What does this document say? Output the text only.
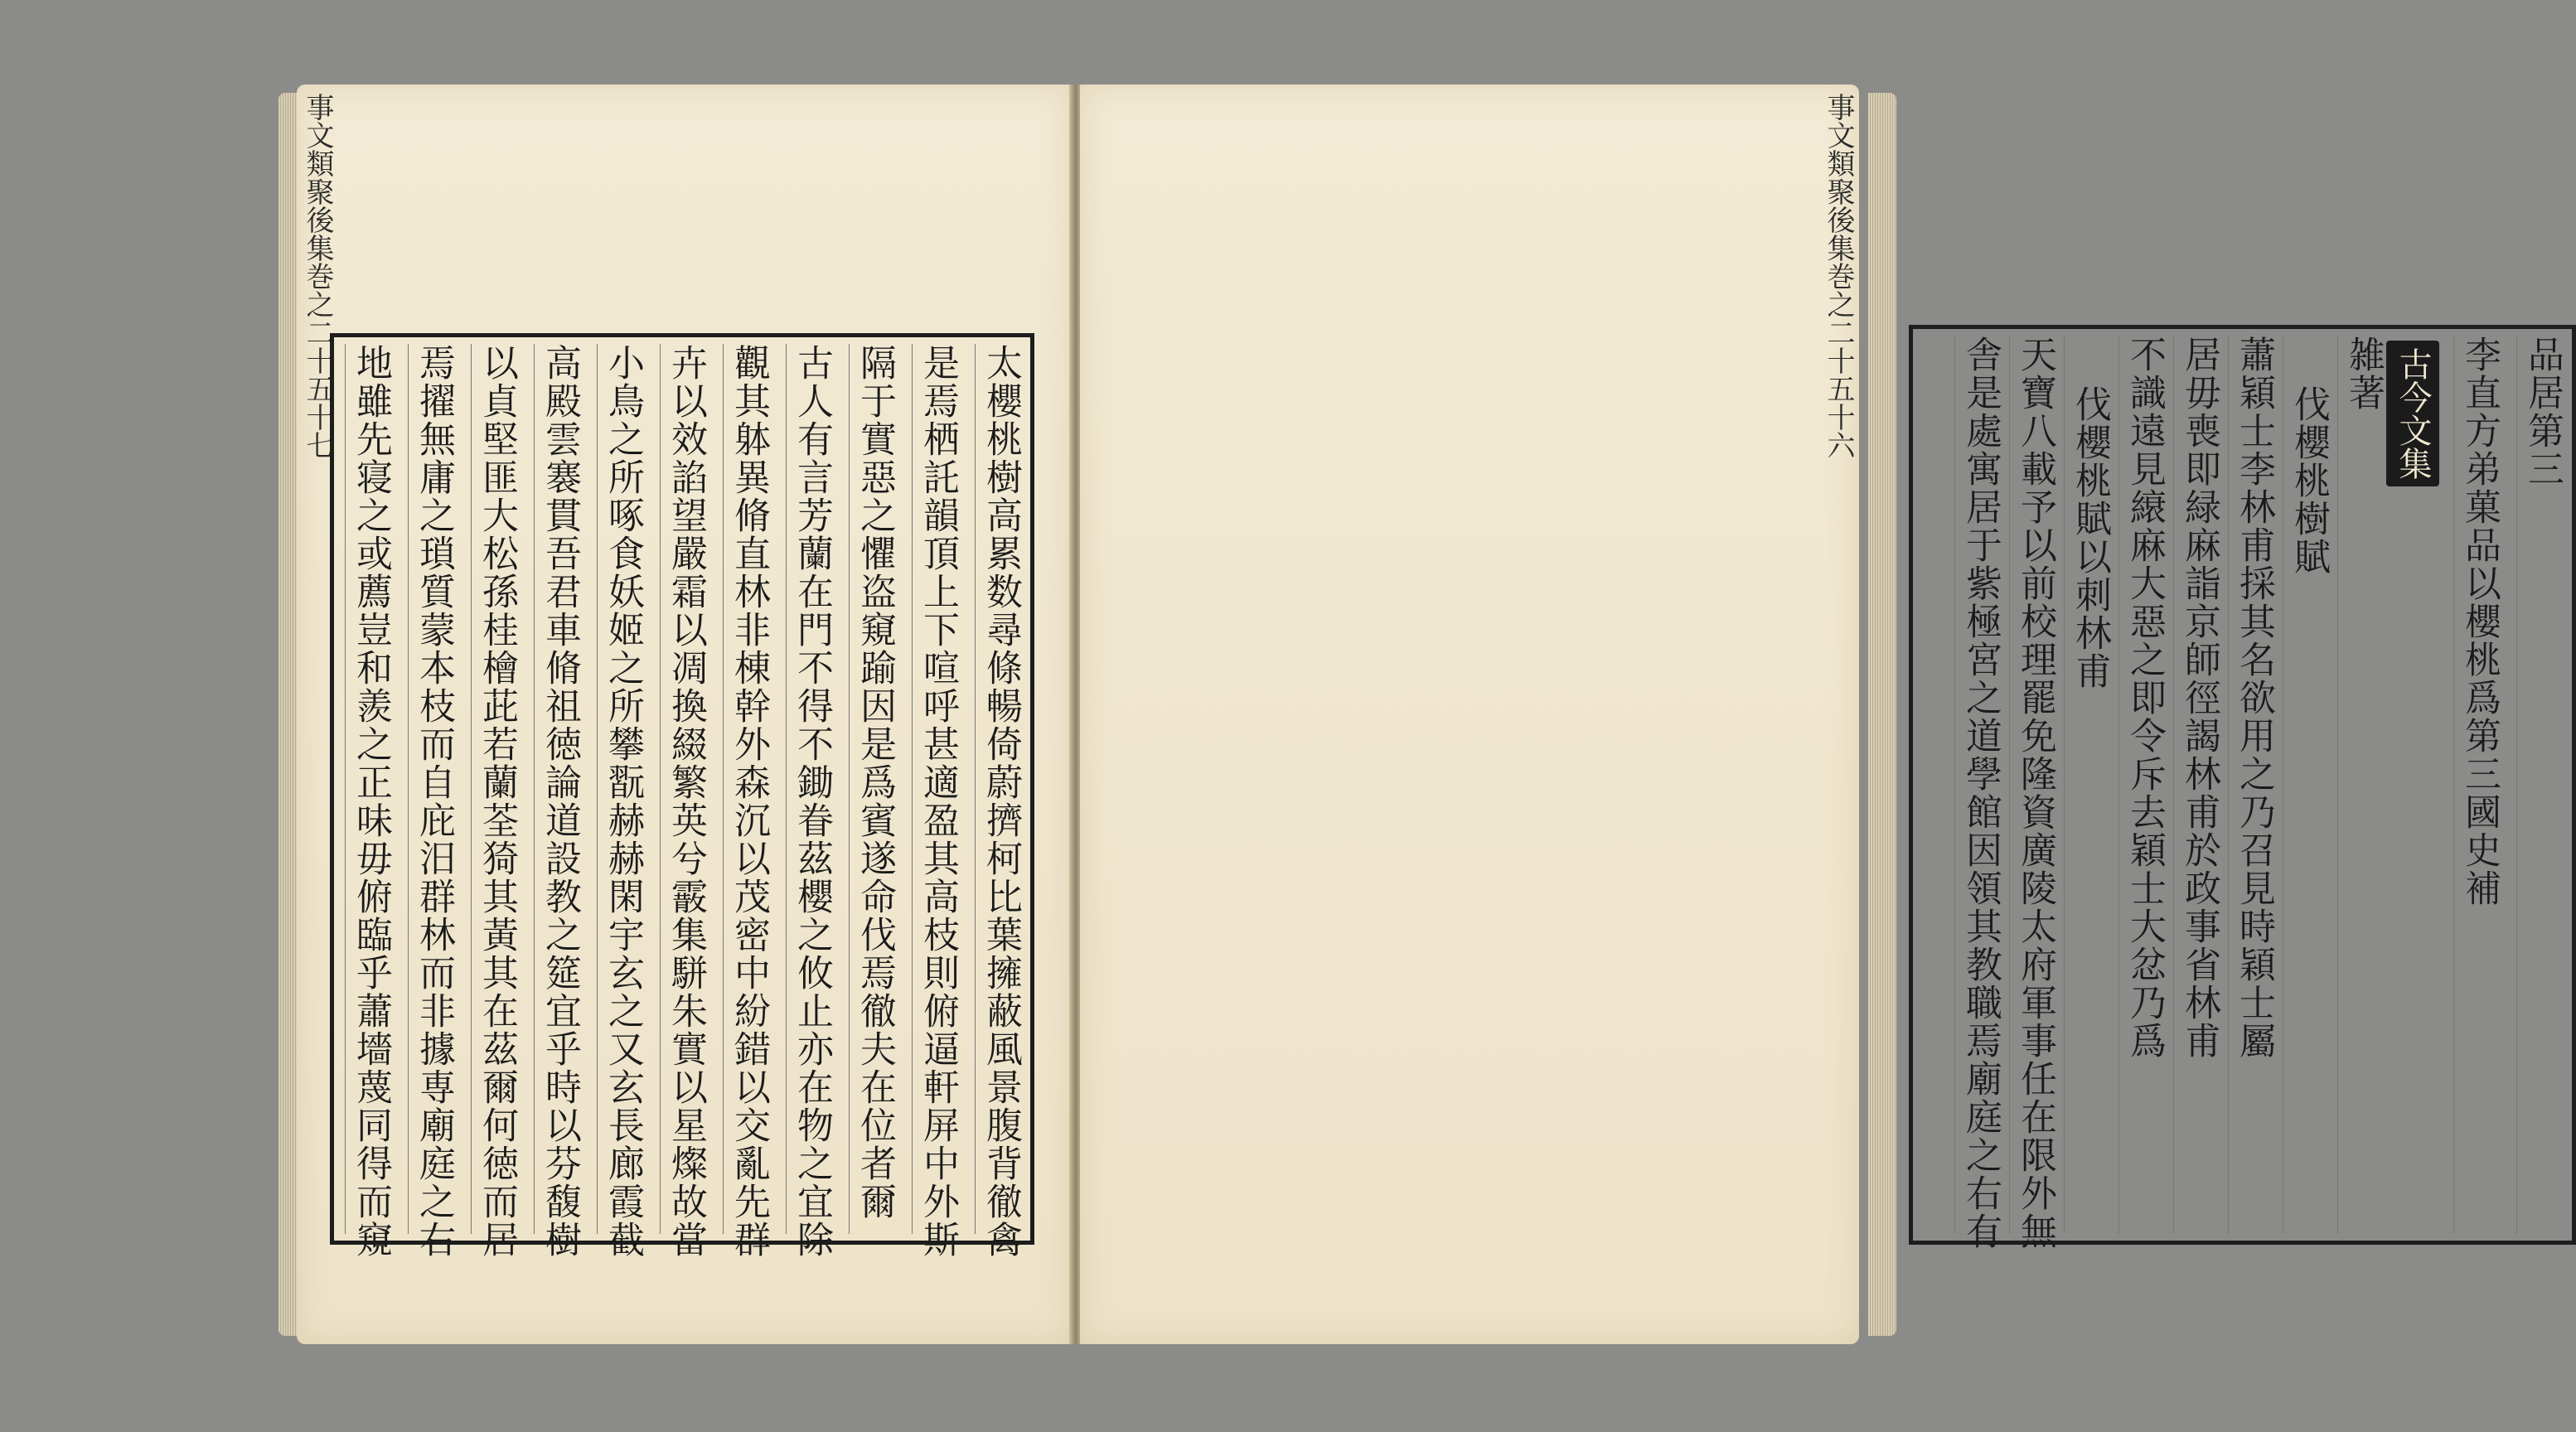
事文類聚後集巻之二十五十七	太櫻桃樹高累数尋條暢倚蔚擠柯比葉擁蔽風景腹背徹禽
是焉栖託韻頂上下喧呼甚適盈其高枝則俯逼軒屏中外斯
隔于實惡之懼盗窺踰因是爲賓遂命伐焉徹夫在位者爾
古人有言芳蘭在門不得不鋤眷茲櫻之攸止亦在物之宜除
觀其躰異脩直林非棟幹外森沉以茂密中紛錯以交亂先群
卉以效諂望嚴霜以凋換綴繁英兮霰集駢朱實以星燦故當
小鳥之所啄食妖姬之所攀翫赫赫閑宇玄之又玄長廊霞截
高殿雲褰貫吾君車脩祖徳論道設教之筵宜乎時以芬馥樹
以貞堅匪大松孫桂檜茈若蘭荃猗其黃其在茲爾何徳而居
焉擢無庸之瑣質蒙本枝而自庇汨群林而非據専廟庭之右
地雖先寝之或薦豈和羨之正味毋俯臨乎蕭墻蔑同得而窺	品居第三
李直方弟菓品以櫻桃爲第三國史補
古今文集
雑著
伐櫻桃樹賦
蕭穎士李林甫採其名欲用之乃召見時穎士屬
居毋喪即緑麻詣京師徑謁林甫於政事省林甫
不識遠見縗麻大惡之即令斥去穎士大忿乃爲
伐櫻桃賦以刺林甫
天寶八載予以前校理罷免隆資廣陵太府軍事任在限外無
舎是處寓居于紫極宮之道學館因領其教職焉廟庭之右有
事文類聚後集巻之二十五十六
